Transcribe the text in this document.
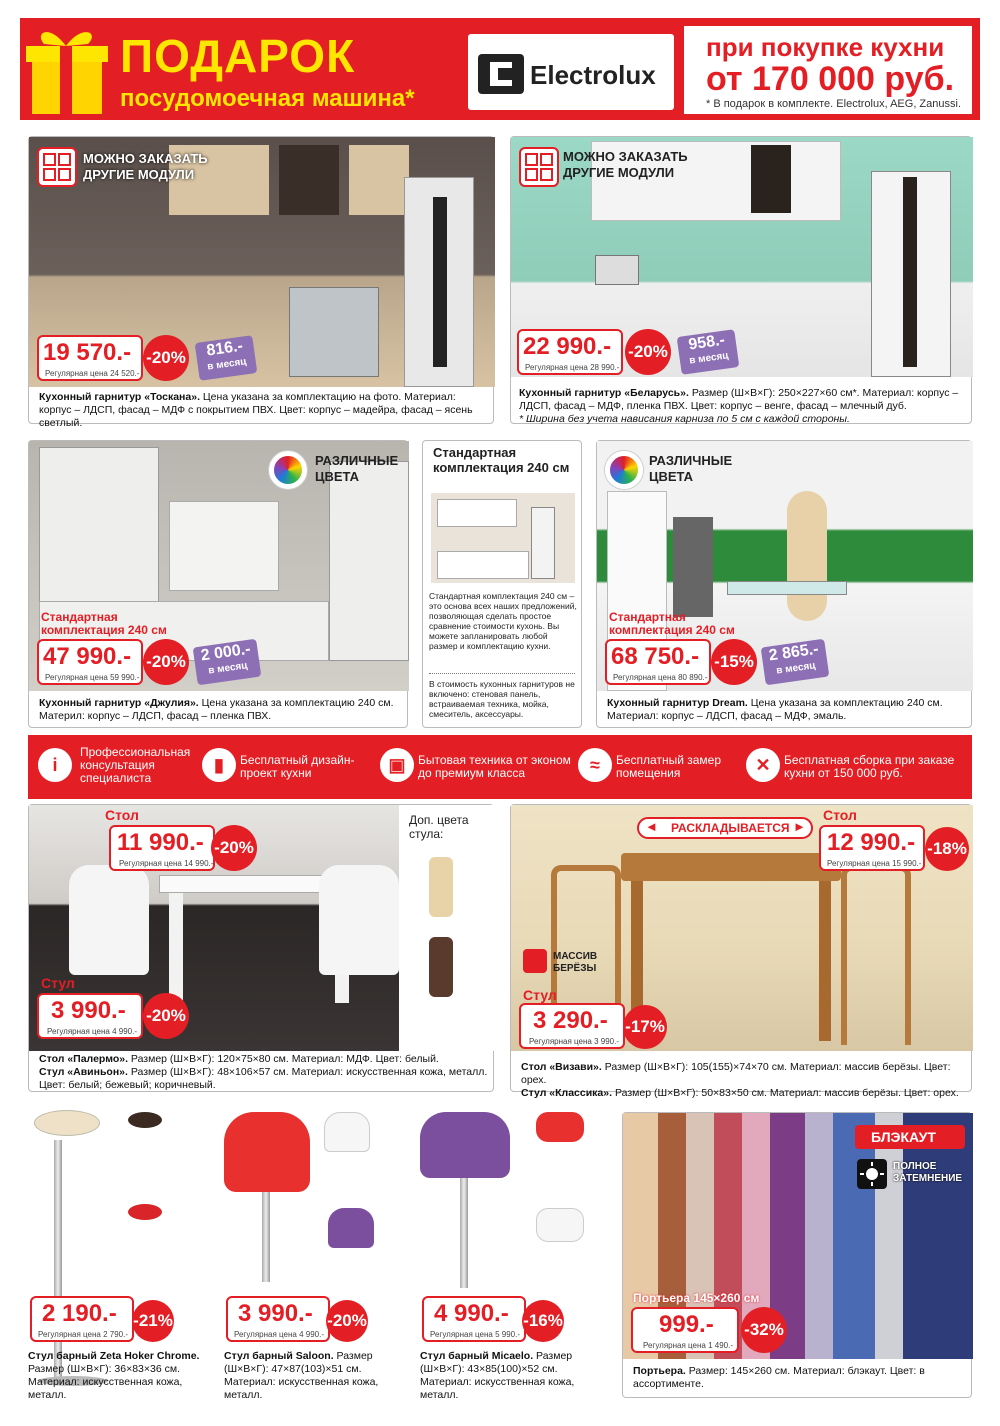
ПОДАРОК
посудомоечная машина*
Electrolux
при покупке кухни
от 170 000 руб.
* В подарок в комплекте. Electrolux, AEG, Zanussi.
МОЖНО ЗАКАЗАТЬ ДРУГИЕ МОДУЛИ
19 570.-
Регулярная цена 24 520.-
-20%	816.-
в месяц
Кухонный гарнитур «Тоскана». Цена указана за комплектацию на фото. Материал: корпус – ЛДСП, фасад – МДФ с покрытием ПВХ. Цвет: корпус – мадейра, фасад – ясень светлый.
МОЖНО ЗАКАЗАТЬ ДРУГИЕ МОДУЛИ
22 990.-
Регулярная цена 28 990.-
-20%	958.-
в месяц
Кухонный гарнитур «Беларусь». Размер (Ш×В×Г): 250×227×60 см*. Материал: корпус – ЛДСП, фасад – МДФ, пленка ПВХ. Цвет: корпус – венге, фасад – млечный дуб.
* Ширина без учета нависания карниза по 5 см с каждой стороны.
РАЗЛИЧНЫЕ ЦВЕТА
Стандартная комплектация 240 см
47 990.-
Регулярная цена 59 990.-
-20% 2 000.-
в месяц
Кухонный гарнитур «Джулия». Цена указана за комплектацию 240 см. Материл: корпус – ЛДСП, фасад – пленка ПВХ.
Стандартная комплектация 240 см
Стандартная комплектация 240 см – это основа всех наших предложений, позволяющая сделать простое сравнение стоимости кухонь. Вы можете запланировать любой размер и комплектацию кухни.
В стоимость кухонных гарнитуров не включено: стеновая панель, встраиваемая техника, мойка, смеситель, аксессуары.
РАЗЛИЧНЫЕ ЦВЕТА
Стандартная комплектация 240 см
68 750.-
Регулярная цена 80 890.-
-15% 2 865.-
в месяц
Кухонный гарнитур Dream. Цена указана за комплектацию 240 см. Материал: корпус – ЛДСП, фасад – МДФ, эмаль.
i
Профессиональная консультация специалиста
▮	Бесплатный дизайн-проект кухни	▣	Бытовая техника от эконом до премиум класса	≈	Бесплатный замер помещения	✕	Бесплатная сборка при заказе кухни от 150 000 руб.
Доп. цвета стула:
Стол
11 990.-
Регулярная цена 14 990.-
-20%
Стул
3 990.-
Регулярная цена 4 990.-
-20%
Стол «Палермо». Размер (Ш×В×Г): 120×75×80 см. Материал: МДФ. Цвет: белый.
Стул «Авиньон». Размер (Ш×В×Г): 48×106×57 см. Материал: искусственная кожа, металл. Цвет: белый; бежевый; коричневый.
РАСКЛАДЫВАЕТСЯ
◄	►
Стол
12 990.-
Регулярная цена 15 990.-
-18%
МАССИВ БЕРЁЗЫ
Стул
3 290.-
Регулярная цена 3 990.-
-17%
Стол «Визави». Размер (Ш×В×Г): 105(155)×74×70 см. Материал: массив берёзы. Цвет: орех.
Стул «Классика». Размер (Ш×В×Г): 50×83×50 см. Материал: массив берёзы. Цвет: орех.
2 190.-
Регулярная цена 2 790.-
-21%
Стул барный Zeta Hoker Chrome. Размер (Ш×В×Г): 36×83×36 см. Материал: искусственная кожа, металл.
3 990.-
Регулярная цена 4 990.-
-20%
Стул барный Saloon. Размер (Ш×В×Г): 47×87(103)×51 см. Материал: искусственная кожа, металл.
4 990.-
Регулярная цена 5 990.-
-16%
Стул барный Micaelo. Размер (Ш×В×Г): 43×85(100)×52 см. Материал: искусственная кожа, металл.
БЛЭКАУТ
ПОЛНОЕ ЗАТЕМНЕНИЕ
Портьера 145×260 см
999.-
Регулярная цена 1 490.-
-32%
Портьера. Размер: 145×260 см. Материал: блэкаут. Цвет: в ассортименте.
